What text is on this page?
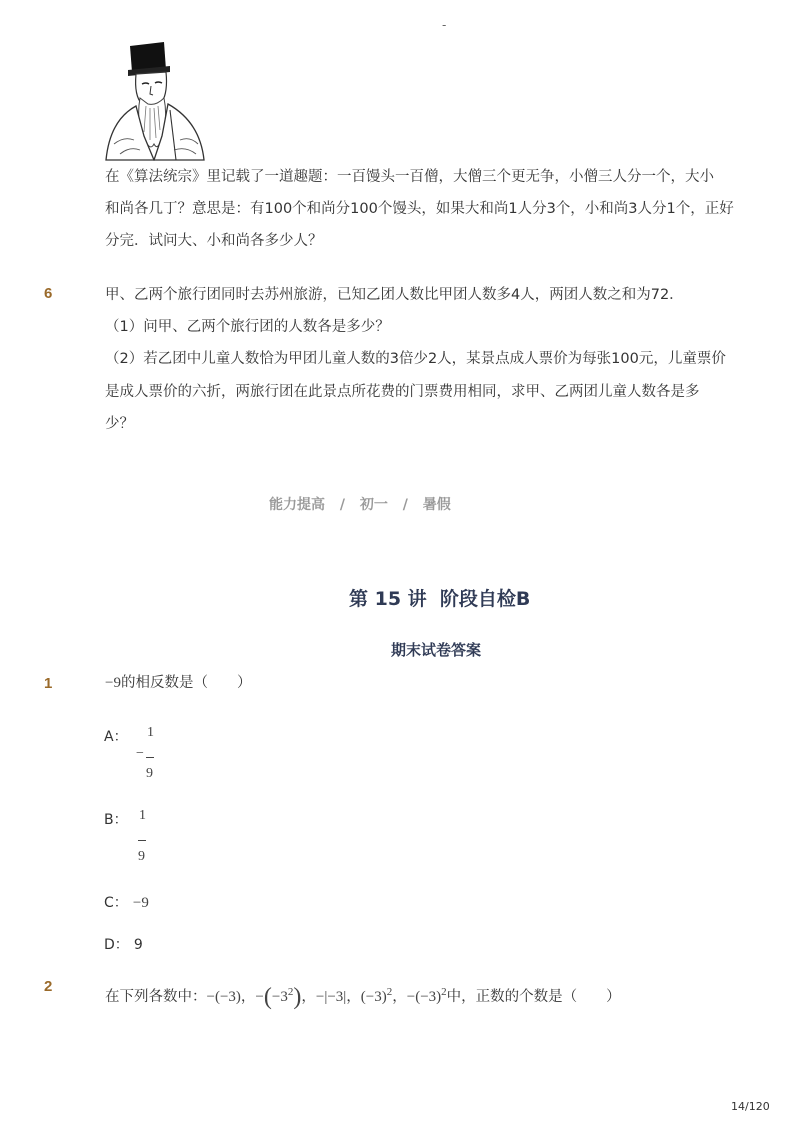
-
在《算法统宗》里记载了一道趣题：一百馒头一百僧，大僧三个更无争，小僧三人分一个，大小
和尚各几丁？意思是：有100个和尚分100个馒头，如果大和尚1人分3个，小和尚3人分1个，正好
分完．试问大、小和尚各多少人？
6	甲、乙两个旅行团同时去苏州旅游，已知乙团人数比甲团人数多4人，两团人数之和为72．
（1）问甲、乙两个旅行团的人数各是多少？
（2）若乙团中儿童人数恰为甲团儿童人数的3倍少2人，某景点成人票价为每张100元，儿童票价
是成人票价的六折，两旅行团在此景点所花费的门票费用相同，求甲、乙两团儿童人数各是多
少？
能力提高 / 初一 / 暑假
第 15 讲  阶段自检B
期末试卷答案
1	−9的相反数是（　　）
A： 1
−
9
B： 1
9
C： −9
D： 9
2
在下列各数中：−(−3)，$-(-3^2)$，−|−3|，$(-3)^2$，$-(-3)^2$中，正数的个数是（　　）
14/120
